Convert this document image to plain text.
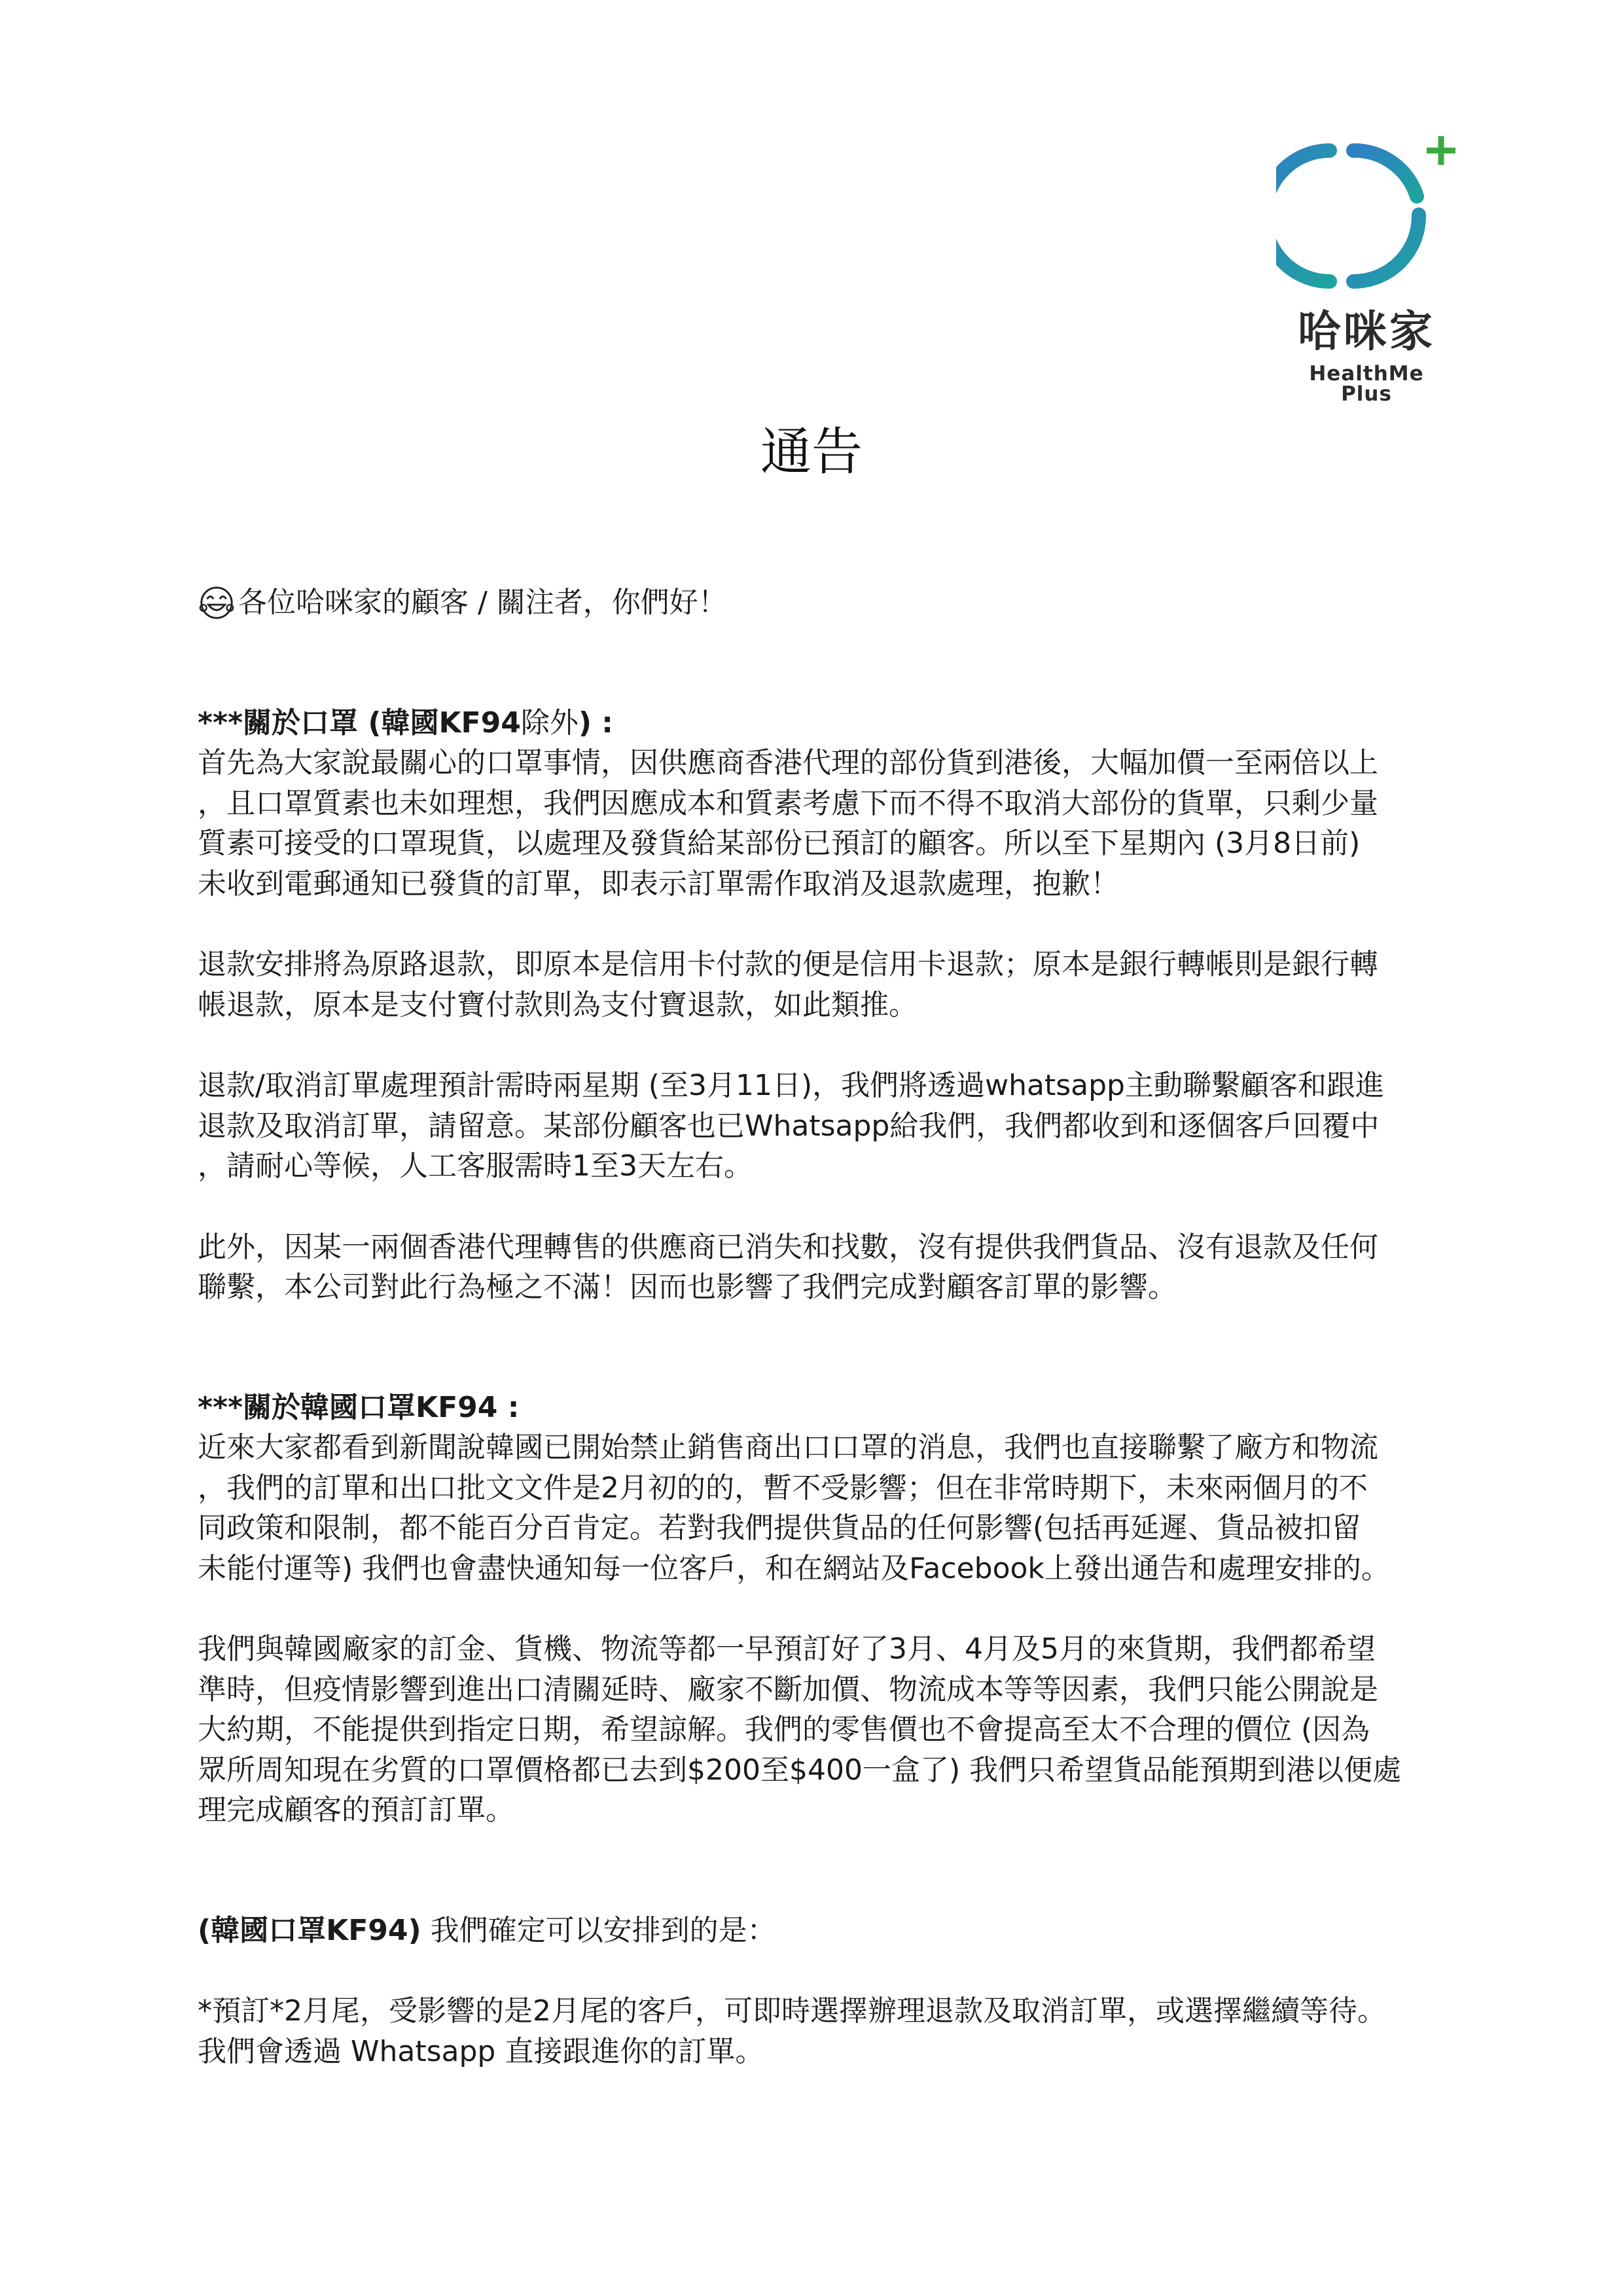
哈咪家
HealthMe Plus
通告

各位哈咪家的顧客 / 關注者，你們好！

***關於口罩 (韓國KF94除外) :

首先為大家說最關心的口罩事情，因供應商香港代理的部份貨到港後，大幅加價一至兩倍以上
，且口罩質素也未如理想，我們因應成本和質素考慮下而不得不取消大部份的貨單，只剩少量
質素可接受的口罩現貨，以處理及發貨給某部份已預訂的顧客。所以至下星期內 (3月8日前)
未收到電郵通知已發貨的訂單，即表示訂單需作取消及退款處理，抱歉！

退款安排將為原路退款，即原本是信用卡付款的便是信用卡退款；原本是銀行轉帳則是銀行轉
帳退款，原本是支付寶付款則為支付寶退款，如此類推。

退款/取消訂單處理預計需時兩星期 (至3月11日)，我們將透過whatsapp主動聯繫顧客和跟進
退款及取消訂單，請留意。某部份顧客也已Whatsapp給我們，我們都收到和逐個客戶回覆中
，請耐心等候，人工客服需時1至3天左右。

此外，因某一兩個香港代理轉售的供應商已消失和找數，沒有提供我們貨品、沒有退款及任何
聯繫，本公司對此行為極之不滿！因而也影響了我們完成對顧客訂單的影響。

***關於韓國口罩KF94 :

近來大家都看到新聞說韓國已開始禁止銷售商出口口罩的消息，我們也直接聯繫了廠方和物流
，我們的訂單和出口批文文件是2月初的的，暫不受影響；但在非常時期下，未來兩個月的不
同政策和限制，都不能百分百肯定。若對我們提供貨品的任何影響(包括再延遲、貨品被扣留
未能付運等) 我們也會盡快通知每一位客戶，和在網站及Facebook上發出通告和處理安排的。

我們與韓國廠家的訂金、貨機、物流等都一早預訂好了3月、4月及5月的來貨期，我們都希望
準時，但疫情影響到進出口清關延時、廠家不斷加價、物流成本等等因素，我們只能公開說是
大約期，不能提供到指定日期，希望諒解。我們的零售價也不會提高至太不合理的價位 (因為
眾所周知現在劣質的口罩價格都已去到$200至$400一盒了) 我們只希望貨品能預期到港以便處
理完成顧客的預訂訂單。

(韓國口罩KF94) 我們確定可以安排到的是：

*預訂*2月尾，受影響的是2月尾的客戶，可即時選擇辦理退款及取消訂單，或選擇繼續等待。
我們會透過 Whatsapp 直接跟進你的訂單。
